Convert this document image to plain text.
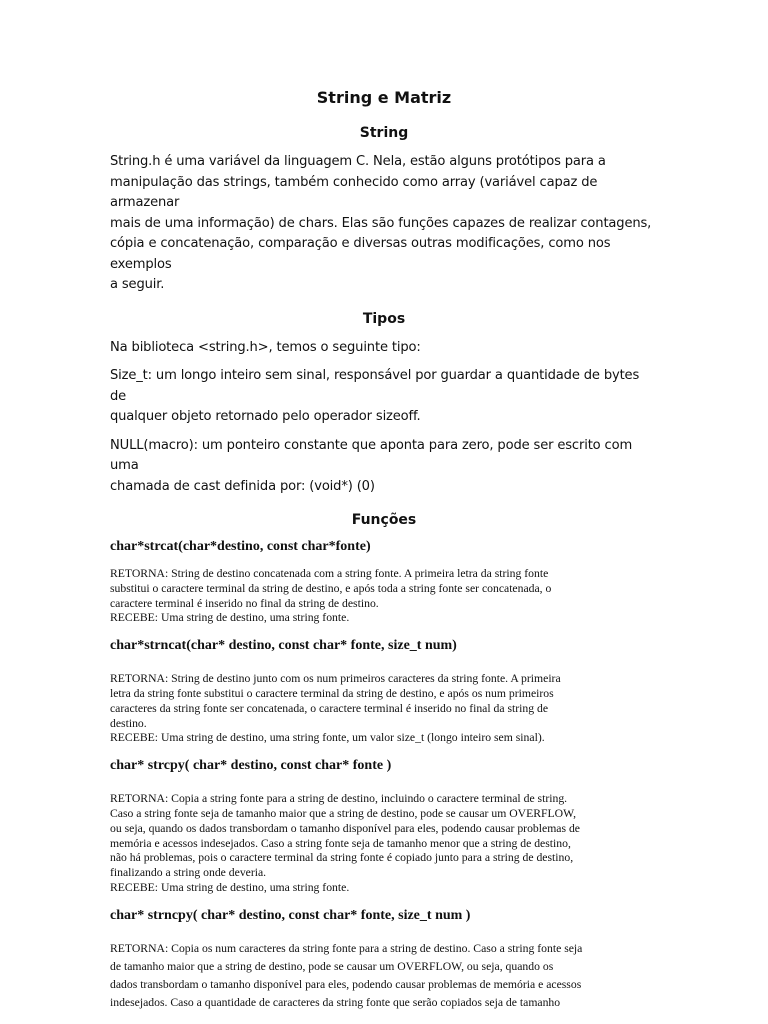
String e Matriz
String
String.h é uma variável da linguagem C. Nela, estão alguns protótipos para a
manipulação das strings, também conhecido como array (variável capaz de armazenar
mais de uma informação) de chars. Elas são funções capazes de realizar contagens,
cópia e concatenação, comparação e diversas outras modificações, como nos exemplos
a seguir.
Tipos
Na biblioteca <string.h>, temos o seguinte tipo:
Size_t: um longo inteiro sem sinal, responsável por guardar a quantidade de bytes de
qualquer objeto retornado pelo operador sizeoff.
NULL(macro): um ponteiro constante que aponta para zero, pode ser escrito com uma
chamada de cast definida por: (void*) (0)
Funções
char*strcat(char*destino, const char*fonte)
RETORNA: String de destino concatenada com a string fonte. A primeira letra da string fonte
substitui o caractere terminal da string de destino, e após toda a string fonte ser concatenada, o
caractere terminal é inserido no final da string de destino.
RECEBE: Uma string de destino, uma string fonte.
char*strncat(char* destino, const char* fonte, size_t num)
RETORNA: String de destino junto com os num primeiros caracteres da string fonte. A primeira
letra da string fonte substitui o caractere terminal da string de destino, e após os num primeiros
caracteres da string fonte ser concatenada, o caractere terminal é inserido no final da string de
destino.
RECEBE: Uma string de destino, uma string fonte, um valor size_t (longo inteiro sem sinal).
char* strcpy( char* destino, const char* fonte )
RETORNA: Copia a string fonte para a string de destino, incluindo o caractere terminal de string.
Caso a string fonte seja de tamanho maior que a string de destino, pode se causar um OVERFLOW,
ou seja, quando os dados transbordam o tamanho disponível para eles, podendo causar problemas de
memória e acessos indesejados. Caso a string fonte seja de tamanho menor que a string de destino,
não há problemas, pois o caractere terminal da string fonte é copiado junto para a string de destino,
finalizando a string onde deveria.
RECEBE: Uma string de destino, uma string fonte.
char* strncpy( char* destino, const char* fonte, size_t num )
RETORNA: Copia os num caracteres da string fonte para a string de destino. Caso a string fonte seja
de tamanho maior que a string de destino, pode se causar um OVERFLOW, ou seja, quando os
dados transbordam o tamanho disponível para eles, podendo causar problemas de memória e acessos
indesejados. Caso a quantidade de caracteres da string fonte que serão copiados seja de tamanho
